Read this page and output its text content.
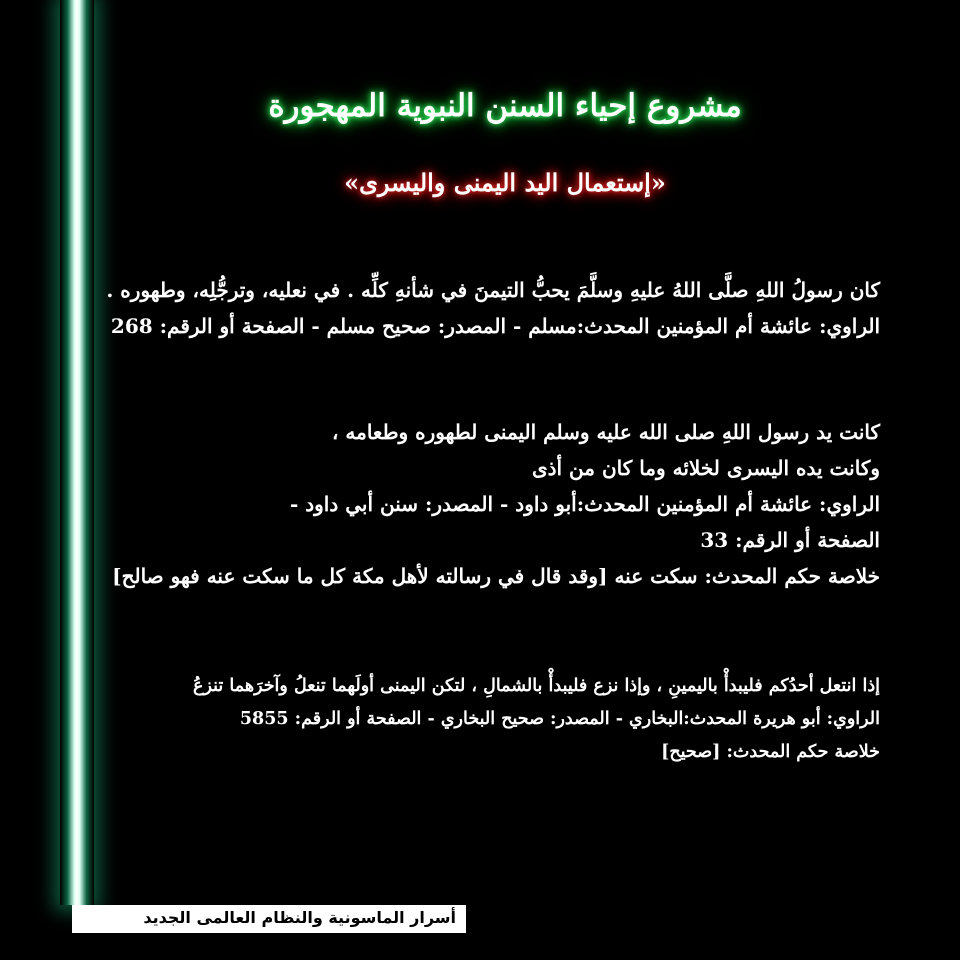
مشروع إحياء السنن النبوية المهجورة
«إستعمال اليد اليمنى واليسرى»
كان رسولُ اللهِ صلَّى اللهُ عليهِ وسلَّمَ يحبُّ التيمنَ في شأنهِ كلِّه . في نعليه، وترجُّلِه، وطهوره .
الراوي: عائشة أم المؤمنين المحدث:مسلم - المصدر: صحيح مسلم - الصفحة أو الرقم: 268
كانت يد رسول اللهِ صلى الله عليه وسلم اليمنى لطهوره وطعامه ،
وكانت يده اليسرى لخلائه وما كان من أذى
الراوي: عائشة أم المؤمنين المحدث:أبو داود - المصدر: سنن أبي داود -
الصفحة أو الرقم: 33
خلاصة حكم المحدث: سكت عنه [وقد قال في رسالته لأهل مكة كل ما سكت عنه فهو صالح]
إذا انتعل أحدُكم فليبدأْ باليمينِ ، وإذا نزع فليبدأْ بالشمالِ ، لتكن اليمنى أولَهما تنعلُ وآخرَهما تنزعُ
الراوي: أبو هريرة المحدث:البخاري - المصدر: صحيح البخاري - الصفحة أو الرقم: 5855
خلاصة حكم المحدث: [صحيح]
أسرار الماسونية والنظام العالمى الجديد
